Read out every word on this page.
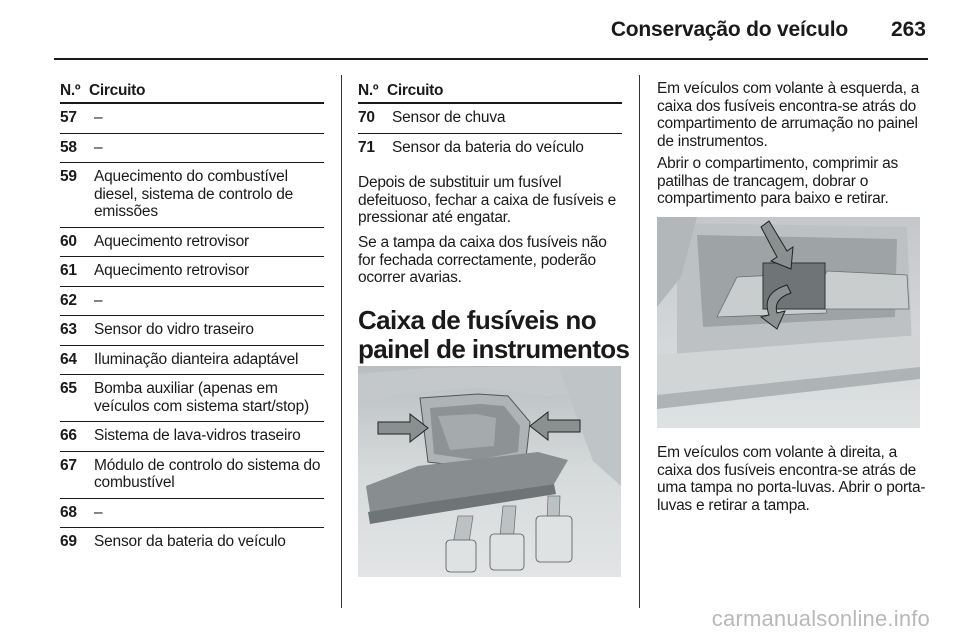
Conservação do veículo	263
N.º Circuito
57 –
58 –
59 Aquecimento do combustível diesel, sistema de controlo de emissões
60 Aquecimento retrovisor
61 Aquecimento retrovisor
62 –
63 Sensor do vidro traseiro
64 Iluminação dianteira adaptável
65 Bomba auxiliar (apenas em veículos com sistema start/stop)
66 Sistema de lava-vidros traseiro
67 Módulo de controlo do sistema do combustível
68 –
69 Sensor da bateria do veículo
N.º Circuito
70 Sensor de chuva
71 Sensor da bateria do veículo
Depois de substituir um fusível defeituoso, fechar a caixa de fusíveis e pressionar até engatar.
Se a tampa da caixa dos fusíveis não for fechada correctamente, poderão ocorrer avarias.
Caixa de fusíveis no painel de instrumentos
Em veículos com volante à esquerda, a caixa dos fusíveis encontra-se atrás do compartimento de arrumação no painel de instrumentos.
Abrir o compartimento, comprimir as patilhas de trancagem, dobrar o compartimento para baixo e retirar.
Em veículos com volante à direita, a caixa dos fusíveis encontra-se atrás de uma tampa no porta-luvas. Abrir o porta-luvas e retirar a tampa.
carmanualsonline.info
